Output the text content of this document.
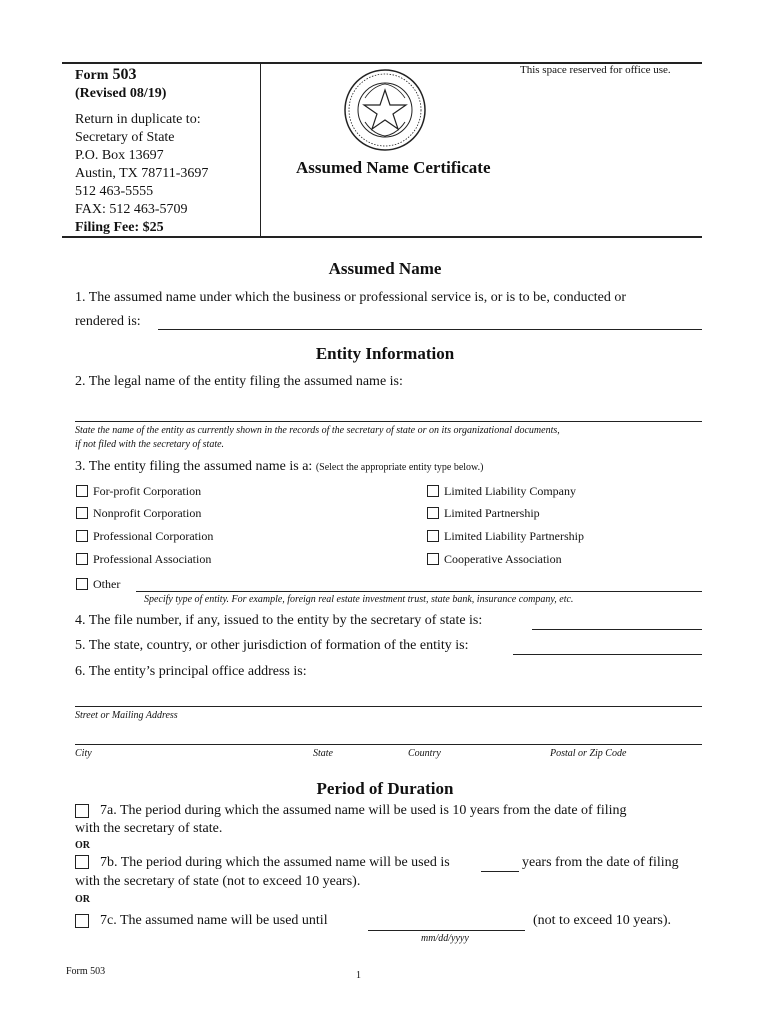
Form 503
(Revised 08/19)
Return in duplicate to:
Secretary of State
P.O. Box 13697
Austin, TX 78711-3697
512 463-5555
FAX: 512 463-5709
Filing Fee: $25
This space reserved for office use.
Assumed Name Certificate
Assumed Name
1. The assumed name under which the business or professional service is, or is to be, conducted or
rendered is:
Entity Information
2. The legal name of the entity filing the assumed name is:
State the name of the entity as currently shown in the records of the secretary of state or on its organizational documents,
if not filed with the secretary of state.
3. The entity filing the assumed name is a: (Select the appropriate entity type below.)
For-profit Corporation
Nonprofit Corporation
Professional Corporation
Professional Association
Limited Liability Company
Limited Partnership
Limited Liability Partnership
Cooperative Association
Other
Specify type of entity. For example, foreign real estate investment trust, state bank, insurance company, etc.
4. The file number, if any, issued to the entity by the secretary of state is:
5. The state, country, or other jurisdiction of formation of the entity is:
6. The entity’s principal office address is:
Street or Mailing Address
City	State	Country	Postal or Zip Code
Period of Duration
7a. The period during which the assumed name will be used is 10 years from the date of filing
with the secretary of state.
OR
7b. The period during which the assumed name will be used is	years from the date of filing
with the secretary of state (not to exceed 10 years).
OR
7c. The assumed name will be used until	(not to exceed 10 years).
mm/dd/yyyy
Form 503	1
